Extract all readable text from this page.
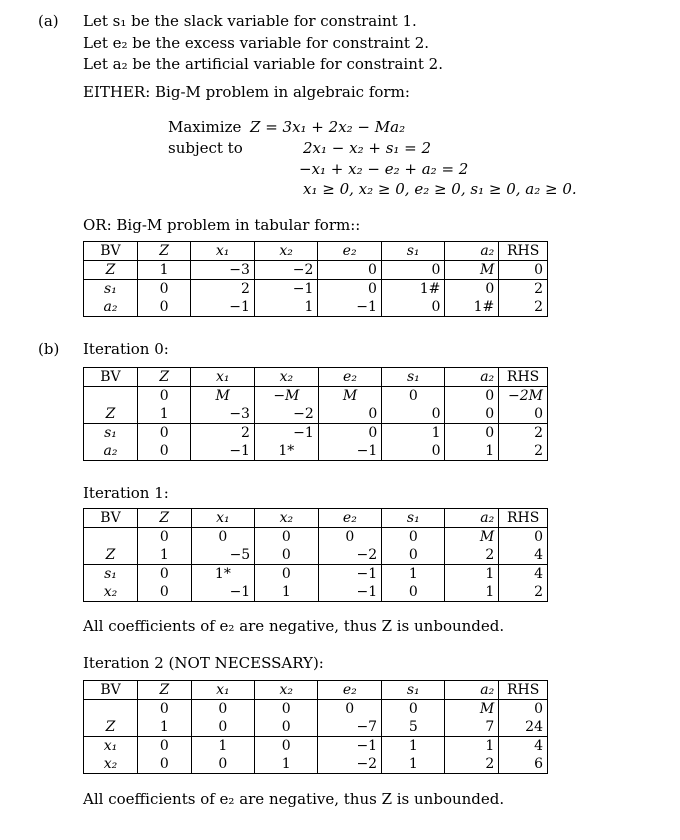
(a) Let s₁ be the slack variable for constraint 1.
Let e₂ be the excess variable for constraint 2.
Let a₂ be the artificial variable for constraint 2.
EITHER: Big-M problem in algebraic form:
Maximize
subject to
Z = 3x₁ + 2x₂ − Ma₂
2x₁ − x₂ + s₁ = 2
−x₁ + x₂ − e₂ + a₂ = 2
x₁ ≥ 0, x₂ ≥ 0, e₂ ≥ 0, s₁ ≥ 0, a₂ ≥ 0.
OR: Big-M problem in tabular form::
BV	Z	x₁	x₂	e₂	s₁	a₂	RHS
Z	1	−3	−2	0	0	M	0
s₁	0	2	−1	0	1#	0	2
a₂	0	−1	1	−1	0	1#	2
(b) Iteration 0:
BV	Z	x₁	x₂	e₂	s₁	a₂	RHS
	0	M	−M	M	0	0	−2M
Z	1	−3	−2	0	0	0	0
s₁	0	2	−1	0	1	0	2
a₂	0	−1	1*	−1	0	1	2
Iteration 1:
BV	Z	x₁	x₂	e₂	s₁	a₂	RHS
	0	0	0	0	0	M	0
Z	1	−5	0	−2	0	2	4
s₁	0	1*	0	−1	1	1	4
x₂	0	−1	1	−1	0	1	2
All coefficients of e₂ are negative, thus Z is unbounded.
Iteration 2 (NOT NECESSARY):
BV	Z	x₁	x₂	e₂	s₁	a₂	RHS
	0	0	0	0	0	M	0
Z	1	0	0	−7	5	7	24
x₁	0	1	0	−1	1	1	4
x₂	0	0	1	−2	1	2	6
All coefficients of e₂ are negative, thus Z is unbounded.
